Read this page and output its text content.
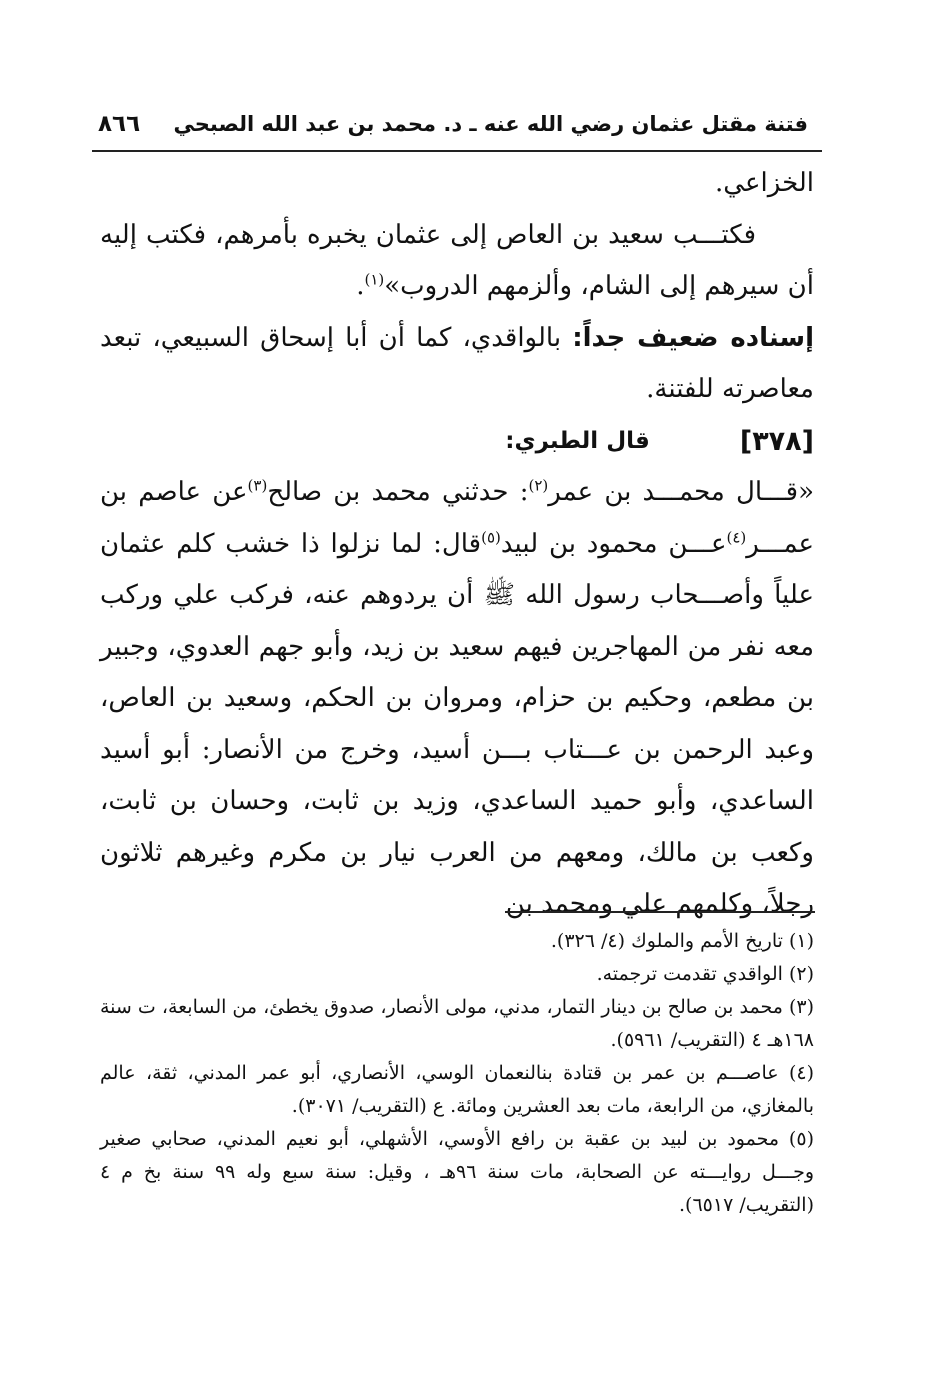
فتنة مقتل عثمان رضي الله عنه ـ د. محمد بن عبد الله الصبحي
٨٦٦

الخزاعي.

فكتـــب سعيد بن العاص إلى عثمان يخبره بأمرهم، فكتب إليه أن سيرهم إلى الشام، وألزمهم الدروب»$^{(١)}$.

إسناده ضعيف جداً: بالواقدي، كما أن أبا إسحاق السبيعي، تبعد معاصرته للفتنة.

[٣٧٨]
قال الطبري:

«قـــال محمـــد بن عمر$^{(٢)}$: حدثني محمد بن صالح$^{(٣)}$عن عاصم بن عمـــر$^{(٤)}$عـــن محمود بن لبيد$^{(٥)}$قال: لما نزلوا ذا خشب كلم عثمان علياً وأصـــحاب رسول الله ﷺ أن يردوهم عنه، فركب علي وركب معه نفر من المهاجرين فيهم سعيد بن زيد، وأبو جهم العدوي، وجبير بن مطعم، وحكيم بن حزام، ومروان بن الحكم، وسعيد بن العاص، وعبد الرحمن بن عـــتاب بـــن أسيد، وخرج من الأنصار: أبو أسيد الساعدي، وأبو حميد الساعدي، وزيد بن ثابت، وحسان بن ثابت، وكعب بن مالك، ومعهم من العرب نيار بن مكرم وغيرهم ثلاثون رجلاً، وكلمهم علي ومحمد بن

(١) تاريخ الأمم والملوك (٤/ ٣٢٦).

(٢) الواقدي تقدمت ترجمته.

(٣) محمد بن صالح بن دينار التمار، مدني، مولى الأنصار، صدوق يخطئ، من السابعة، ت سنة ١٦٨هـ ٤ (التقريب/ ٥٩٦١).

(٤) عاصـــم بن عمر بن قتادة بنالنعمان الوسي، الأنصاري، أبو عمر المدني، ثقة، عالم بالمغازي، من الرابعة، مات بعد العشرين ومائة. ع (التقريب/ ٣٠٧١).

(٥) محمود بن لبيد بن عقبة بن رافع الأوسي، الأشهلي، أبو نعيم المدني، صحابي صغير وجـــل روايـــته عن الصحابة، مات سنة ٩٦هـ ، وقيل: سنة سبع وله ٩٩ سنة بخ م ٤ (التقريب/ ٦٥١٧).
